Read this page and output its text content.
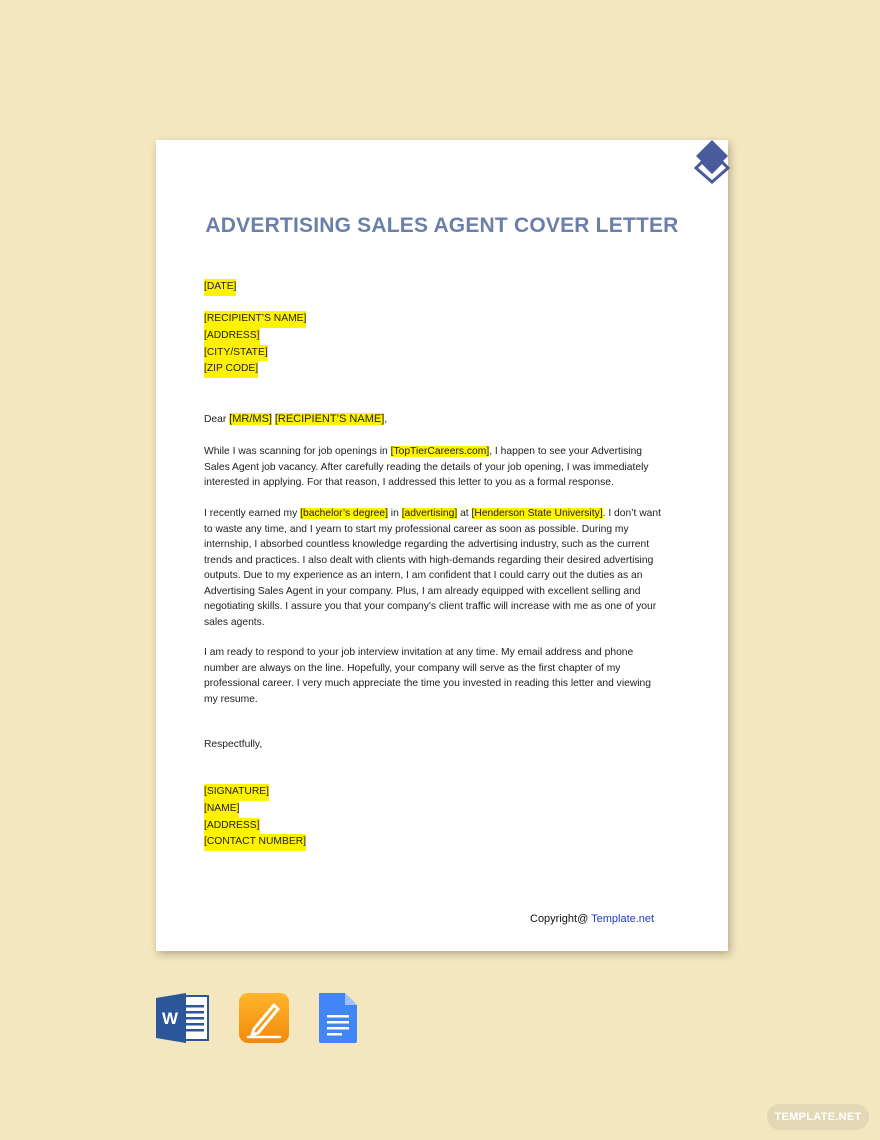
ADVERTISING SALES AGENT COVER LETTER
[DATE]
[RECIPIENT’S NAME]
[ADDRESS]
[CITY/STATE]
[ZIP CODE]
Dear [MR/MS] [RECIPIENT’S NAME],

While I was scanning for job openings in [TopTierCareers.com], I happen to see your Advertising Sales Agent job vacancy. After carefully reading the details of your job opening, I was immediately interested in applying. For that reason, I addressed this letter to you as a formal response.

I recently earned my [bachelor’s degree] in [advertising] at [Henderson State University]. I don’t want to waste any time, and I yearn to start my professional career as soon as possible. During my internship, I absorbed countless knowledge regarding the advertising industry, such as the current trends and practices. I also dealt with clients with high-demands regarding their desired advertising outputs. Due to my experience as an intern, I am confident that I could carry out the duties as an Advertising Sales Agent in your company. Plus, I am already equipped with excellent selling and negotiating skills. I assure you that your company's client traffic will increase with me as one of your sales agents.

I am ready to respond to your job interview invitation at any time. My email address and phone number are always on the line. Hopefully, your company will serve as the first chapter of my professional career. I very much appreciate the time you invested in reading this letter and viewing my resume.

Respectfully,
[SIGNATURE]
[NAME]
[ADDRESS]
[CONTACT NUMBER]
Copyright@ Template.net
W
TEMPLATE.NET
